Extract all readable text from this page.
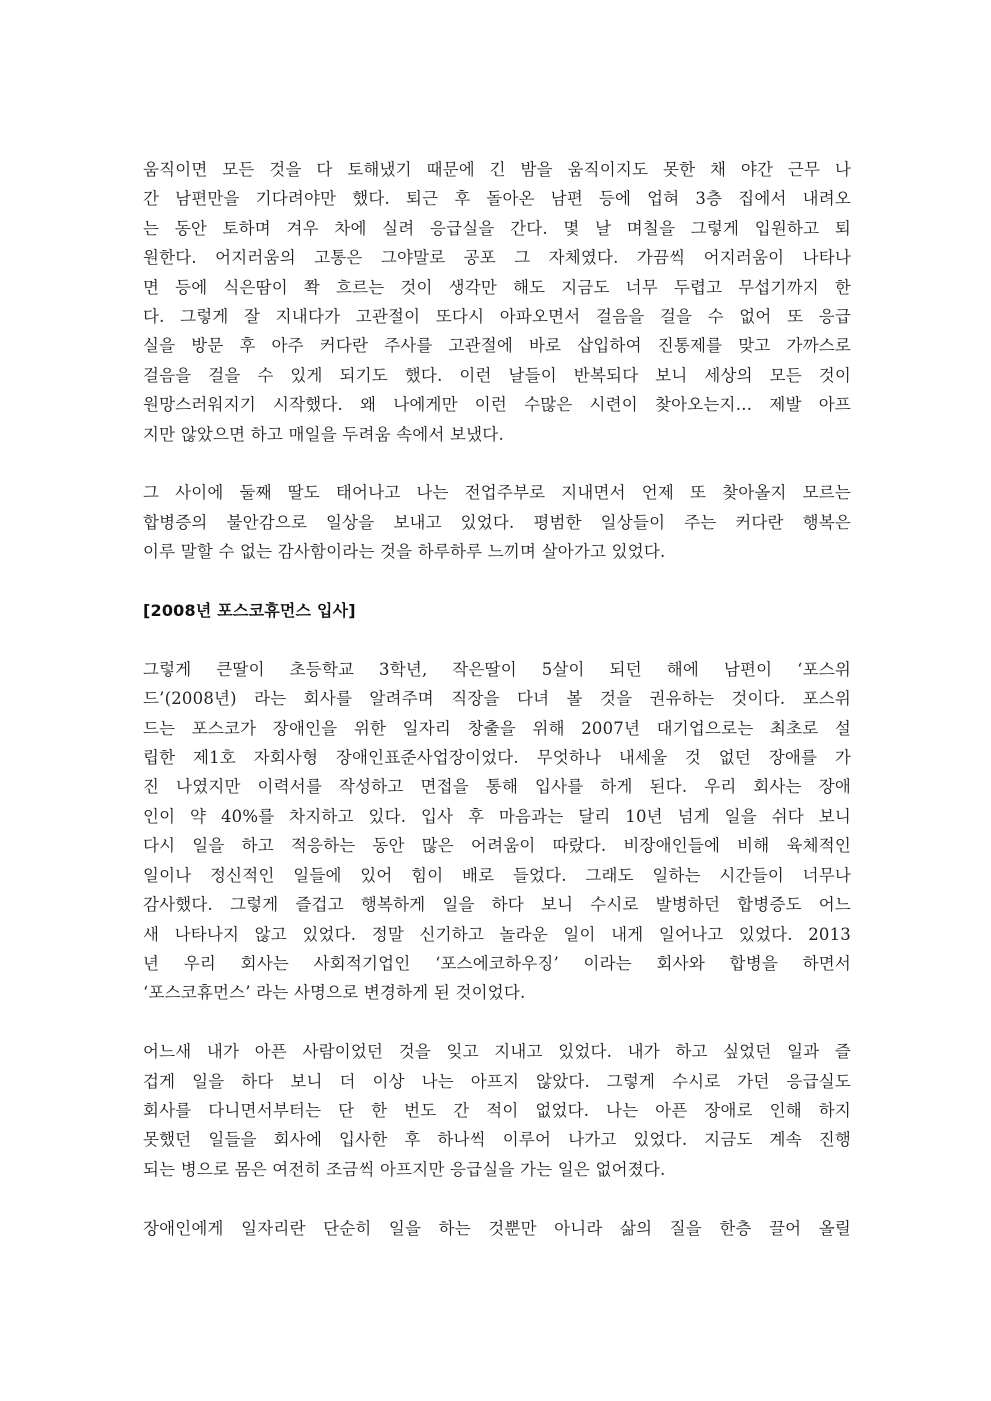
움직이면 모든 것을 다 토해냈기 때문에 긴 밤을 움직이지도 못한 채 야간 근무 나
간 남편만을 기다려야만 했다. 퇴근 후 돌아온 남편 등에 업혀 3층 집에서 내려오
는 동안 토하며 겨우 차에 실려 응급실을 간다. 몇 날 며칠을 그렇게 입원하고 퇴
원한다. 어지러움의 고통은 그야말로 공포 그 자체였다. 가끔씩 어지러움이 나타나
면 등에 식은땀이 쫙 흐르는 것이 생각만 해도 지금도 너무 두렵고 무섭기까지 한
다. 그렇게 잘 지내다가 고관절이 또다시 아파오면서 걸음을 걸을 수 없어 또 응급
실을 방문 후 아주 커다란 주사를 고관절에 바로 삽입하여 진통제를 맞고 가까스로
걸음을 걸을 수 있게 되기도 했다. 이런 날들이 반복되다 보니 세상의 모든 것이
원망스러워지기 시작했다. 왜 나에게만 이런 수많은 시련이 찾아오는지… 제발 아프
지만 않았으면 하고 매일을 두려움 속에서 보냈다.

그 사이에 둘째 딸도 태어나고 나는 전업주부로 지내면서 언제 또 찾아올지 모르는
합병증의 불안감으로 일상을 보내고 있었다. 평범한 일상들이 주는 커다란 행복은
이루 말할 수 없는 감사함이라는 것을 하루하루 느끼며 살아가고 있었다.

[2008년 포스코휴먼스 입사]

그렇게 큰딸이 초등학교 3학년, 작은딸이 5살이 되던 해에 남편이 ‘포스위
드’(2008년) 라는 회사를 알려주며 직장을 다녀 볼 것을 권유하는 것이다. 포스위
드는 포스코가 장애인을 위한 일자리 창출을 위해 2007년 대기업으로는 최초로 설
립한 제1호 자회사형 장애인표준사업장이었다. 무엇하나 내세울 것 없던 장애를 가
진 나였지만 이력서를 작성하고 면접을 통해 입사를 하게 된다. 우리 회사는 장애
인이 약 40%를 차지하고 있다. 입사 후 마음과는 달리 10년 넘게 일을 쉬다 보니
다시 일을 하고 적응하는 동안 많은 어려움이 따랐다. 비장애인들에 비해 육체적인
일이나 정신적인 일들에 있어 힘이 배로 들었다. 그래도 일하는 시간들이 너무나
감사했다. 그렇게 즐겁고 행복하게 일을 하다 보니 수시로 발병하던 합병증도 어느
새 나타나지 않고 있었다. 정말 신기하고 놀라운 일이 내게 일어나고 있었다. 2013
년 우리 회사는 사회적기업인 ‘포스에코하우징’ 이라는 회사와 합병을 하면서
‘포스코휴먼스’ 라는 사명으로 변경하게 된 것이었다.

어느새 내가 아픈 사람이었던 것을 잊고 지내고 있었다. 내가 하고 싶었던 일과 즐
겁게 일을 하다 보니 더 이상 나는 아프지 않았다. 그렇게 수시로 가던 응급실도
회사를 다니면서부터는 단 한 번도 간 적이 없었다. 나는 아픈 장애로 인해 하지
못했던 일들을 회사에 입사한 후 하나씩 이루어 나가고 있었다. 지금도 계속 진행
되는 병으로 몸은 여전히 조금씩 아프지만 응급실을 가는 일은 없어졌다.

장애인에게 일자리란 단순히 일을 하는 것뿐만 아니라 삶의 질을 한층 끌어 올릴
